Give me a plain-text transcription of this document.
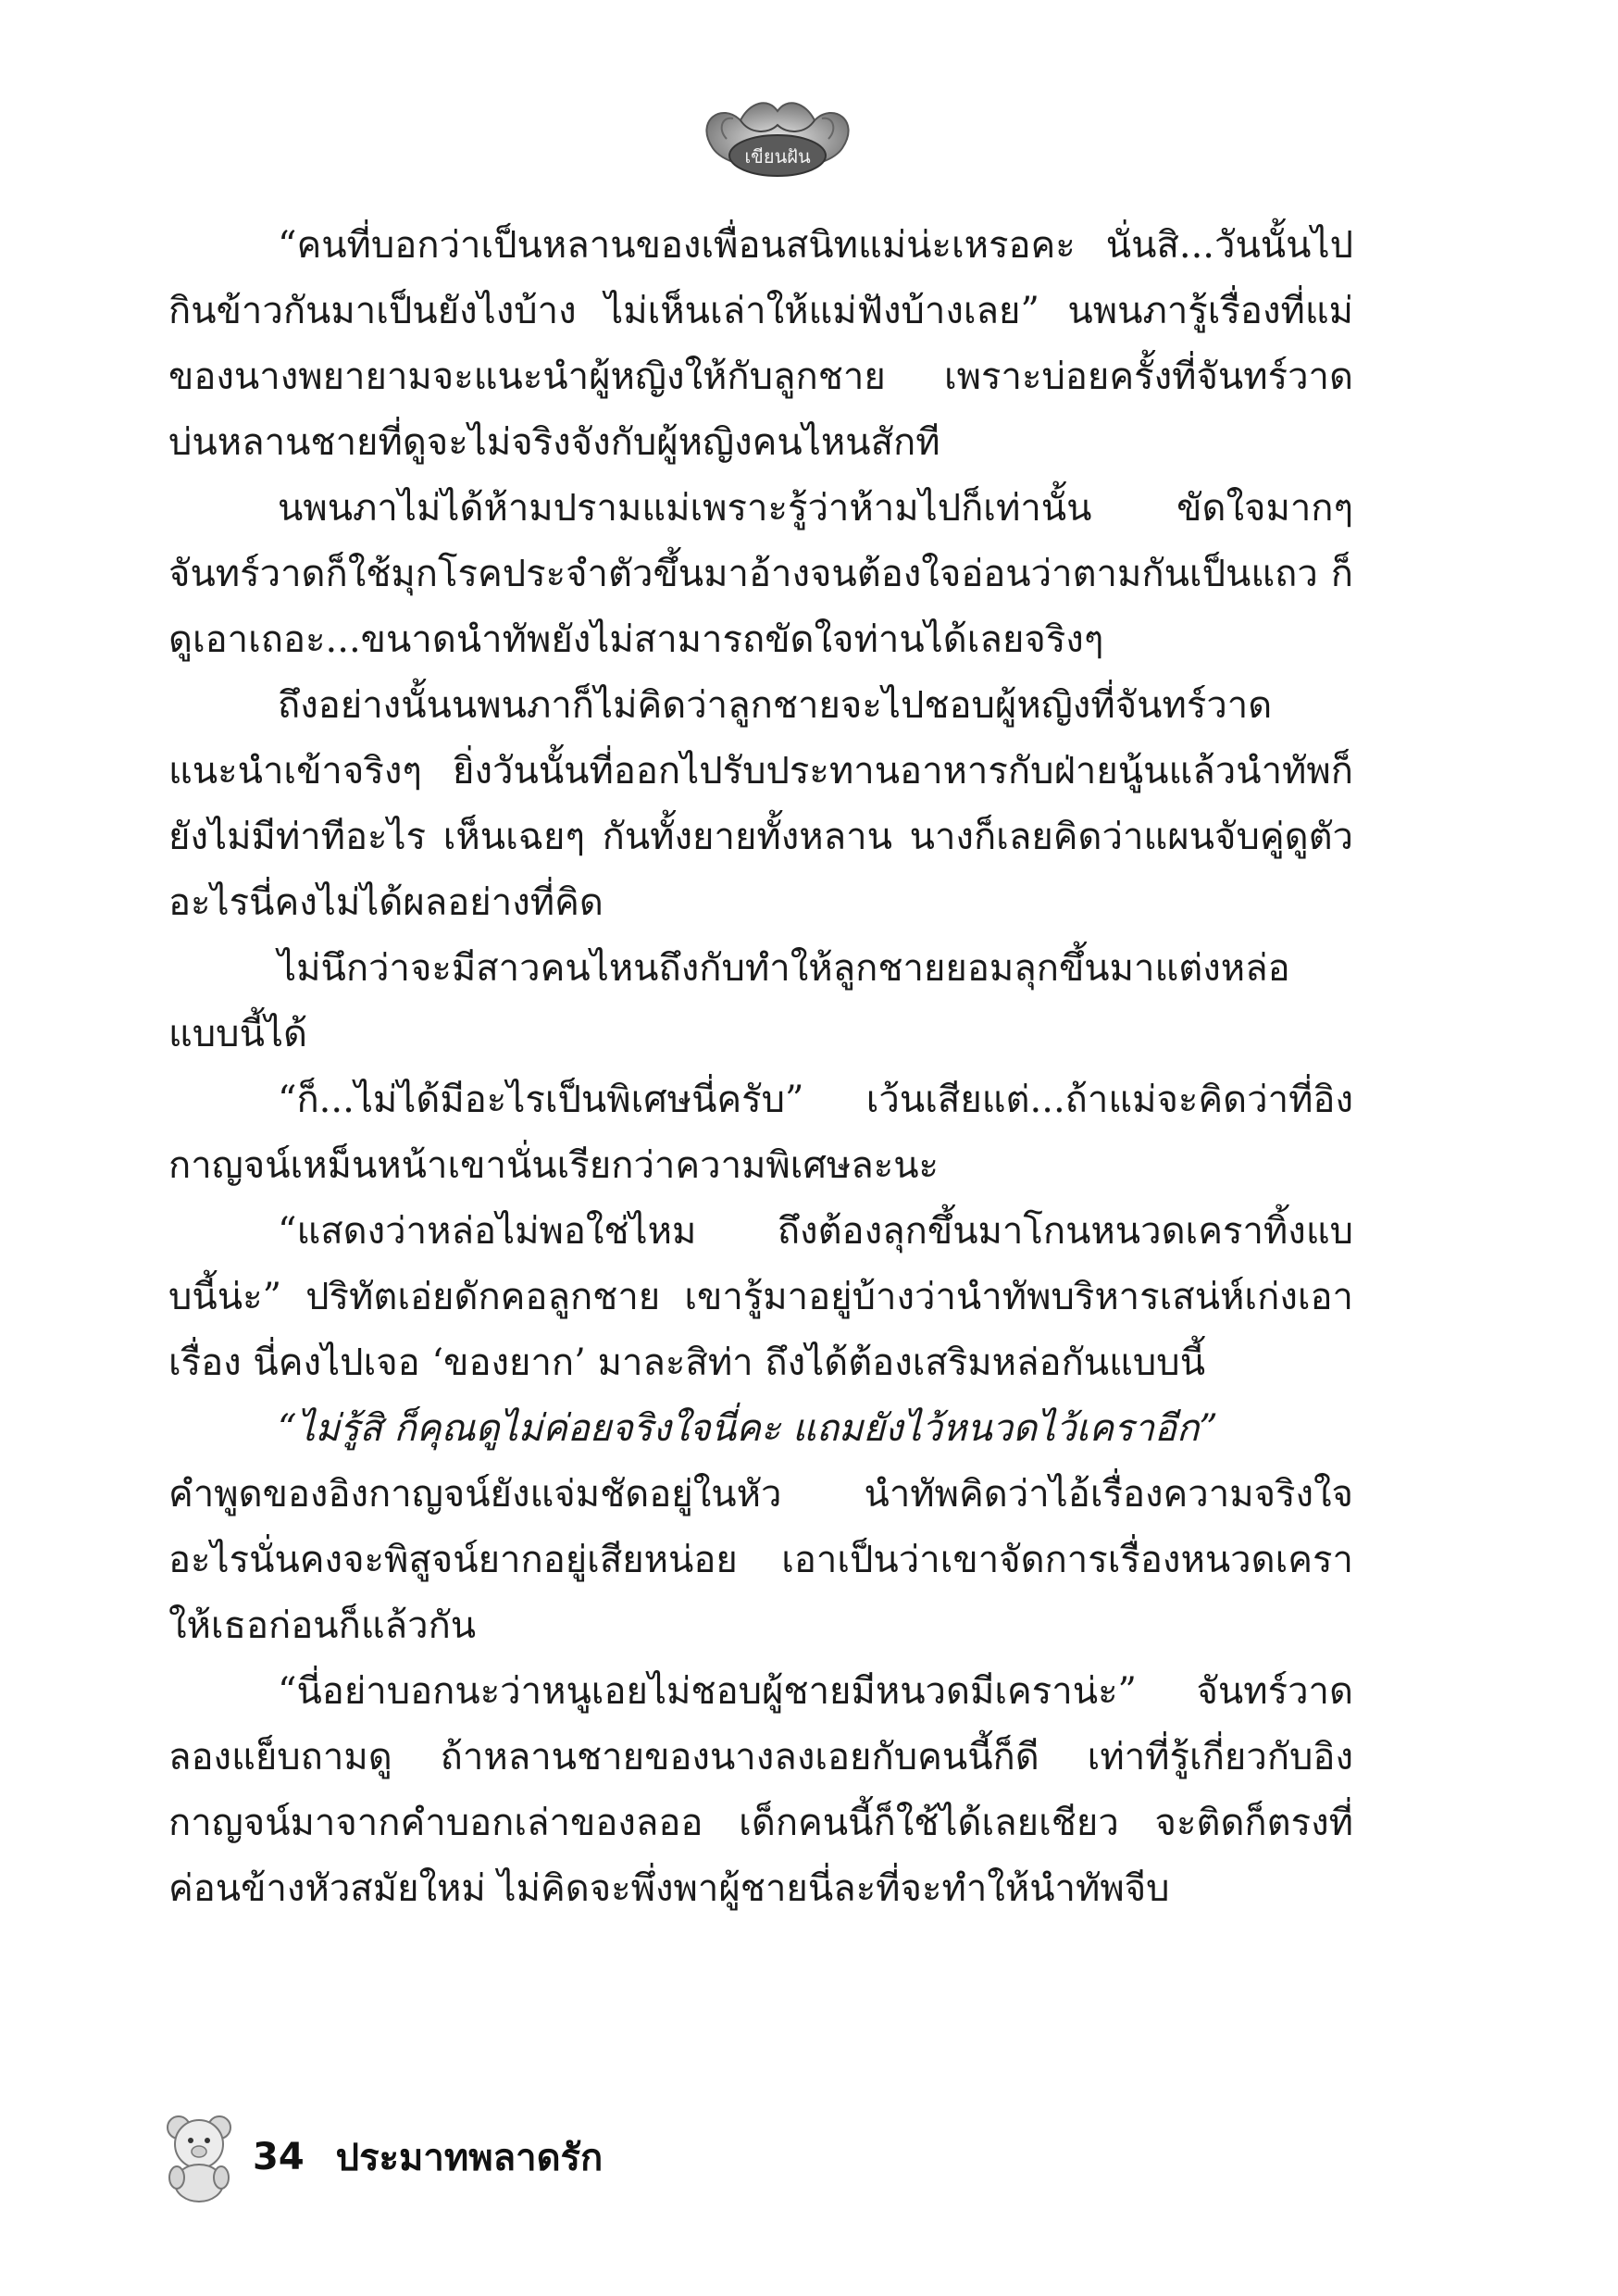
เขียนฝัน

“คนที่บอกว่าเป็นหลานของเพื่อนสนิทแม่น่ะเหรอคะ นั่นสิ...วันนั้นไปกินข้าวกันมาเป็นยังไงบ้าง ไม่เห็นเล่าให้แม่ฟังบ้างเลย” นพนภารู้เรื่องที่แม่ของนางพยายามจะแนะนำผู้หญิงให้กับลูกชาย เพราะบ่อยครั้งที่จันทร์วาดบ่นหลานชายที่ดูจะไม่จริงจังกับผู้หญิงคนไหนสักที

นพนภาไม่ได้ห้ามปรามแม่เพราะรู้ว่าห้ามไปก็เท่านั้น ขัดใจมากๆ จันทร์วาดก็ใช้มุกโรคประจำตัวขึ้นมาอ้างจนต้องใจอ่อนว่าตามกันเป็นแถว ก็ดูเอาเถอะ...ขนาดนำทัพยังไม่สามารถขัดใจท่านได้เลยจริงๆ

ถึงอย่างนั้นนพนภาก็ไม่คิดว่าลูกชายจะไปชอบผู้หญิงที่จันทร์วาดแนะนำเข้าจริงๆ ยิ่งวันนั้นที่ออกไปรับประทานอาหารกับฝ่ายนู้นแล้วนำทัพก็ยังไม่มีท่าทีอะไร เห็นเฉยๆ กันทั้งยายทั้งหลาน นางก็เลยคิดว่าแผนจับคู่ดูตัวอะไรนี่คงไม่ได้ผลอย่างที่คิด

ไม่นึกว่าจะมีสาวคนไหนถึงกับทำให้ลูกชายยอมลุกขึ้นมาแต่งหล่อแบบนี้ได้

“ก็...ไม่ได้มีอะไรเป็นพิเศษนี่ครับ” เว้นเสียแต่...ถ้าแม่จะคิดว่าที่อิงกาญจน์เหม็นหน้าเขานั่นเรียกว่าความพิเศษละนะ

“แสดงว่าหล่อไม่พอใช่ไหม ถึงต้องลุกขึ้นมาโกนหนวดเคราทิ้งแบบนี้น่ะ” ปริทัตเอ่ยดักคอลูกชาย เขารู้มาอยู่บ้างว่านำทัพบริหารเสน่ห์เก่งเอาเรื่อง นี่คงไปเจอ ‘ของยาก’ มาละสิท่า ถึงได้ต้องเสริมหล่อกันแบบนี้

“ไม่รู้สิ ก็คุณดูไม่ค่อยจริงใจนี่คะ แถมยังไว้หนวดไว้เคราอีก”

คำพูดของอิงกาญจน์ยังแจ่มชัดอยู่ในหัว นำทัพคิดว่าไอ้เรื่องความจริงใจอะไรนั่นคงจะพิสูจน์ยากอยู่เสียหน่อย เอาเป็นว่าเขาจัดการเรื่องหนวดเคราให้เธอก่อนก็แล้วกัน

“นี่อย่าบอกนะว่าหนูเอยไม่ชอบผู้ชายมีหนวดมีเคราน่ะ” จันทร์วาดลองแย็บถามดู ถ้าหลานชายของนางลงเอยกับคนนี้ก็ดี เท่าที่รู้เกี่ยวกับอิงกาญจน์มาจากคำบอกเล่าของลออ เด็กคนนี้ก็ใช้ได้เลยเชียว จะติดก็ตรงที่ค่อนข้างหัวสมัยใหม่ ไม่คิดจะพึ่งพาผู้ชายนี่ละที่จะทำให้นำทัพจีบ

34 ประมาทพลาดรัก
